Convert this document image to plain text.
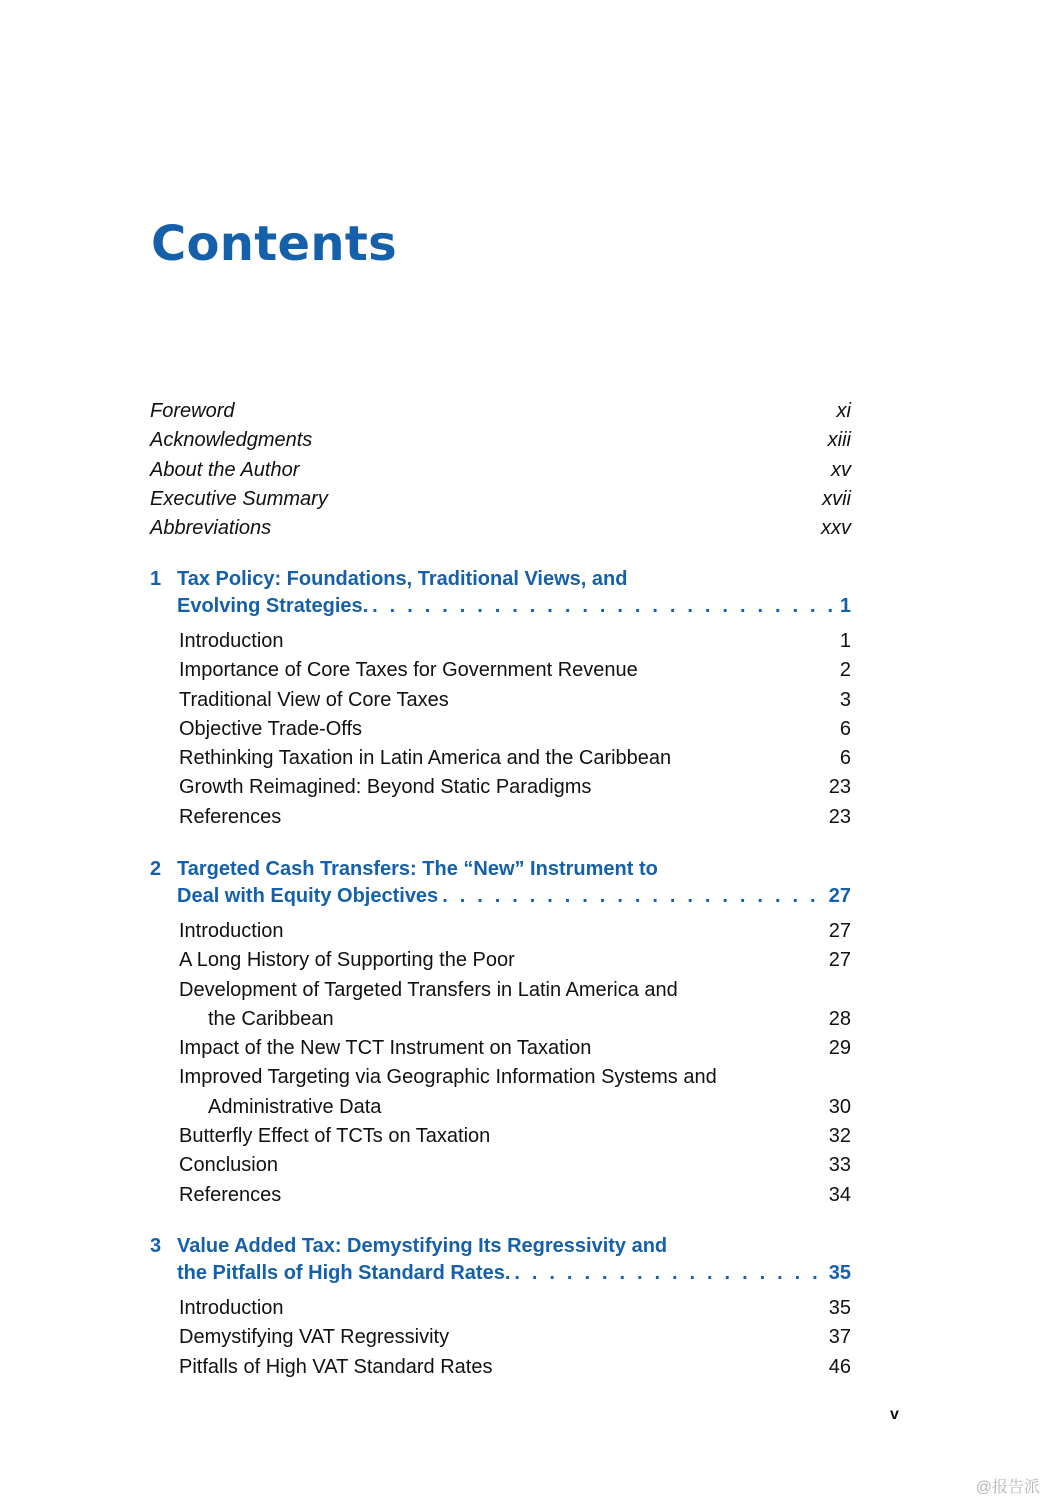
Contents
Foreword	xi
Acknowledgments	xiii
About the Author	xv
Executive Summary	xvii
Abbreviations	xxv
1 Tax Policy: Foundations, Traditional Views, and
Evolving Strategies. . . .	1
Introduction	1
Importance of Core Taxes for Government Revenue	2
Traditional View of Core Taxes	3
Objective Trade-Offs	6
Rethinking Taxation in Latin America and the Caribbean	6
Growth Reimagined: Beyond Static Paradigms	23
References	23
2 Targeted Cash Transfers: The “New” Instrument to
Deal with Equity Objectives . . .	27
Introduction	27
A Long History of Supporting the Poor	27
Development of Targeted Transfers in Latin America and
the Caribbean	28
Impact of the New TCT Instrument on Taxation	29
Improved Targeting via Geographic Information Systems and
Administrative Data	30
Butterfly Effect of TCTs on Taxation	32
Conclusion	33
References	34
3 Value Added Tax: Demystifying Its Regressivity and
the Pitfalls of High Standard Rates. . . .	35
Introduction	35
Demystifying VAT Regressivity	37
Pitfalls of High VAT Standard Rates	46
v
@报告派
